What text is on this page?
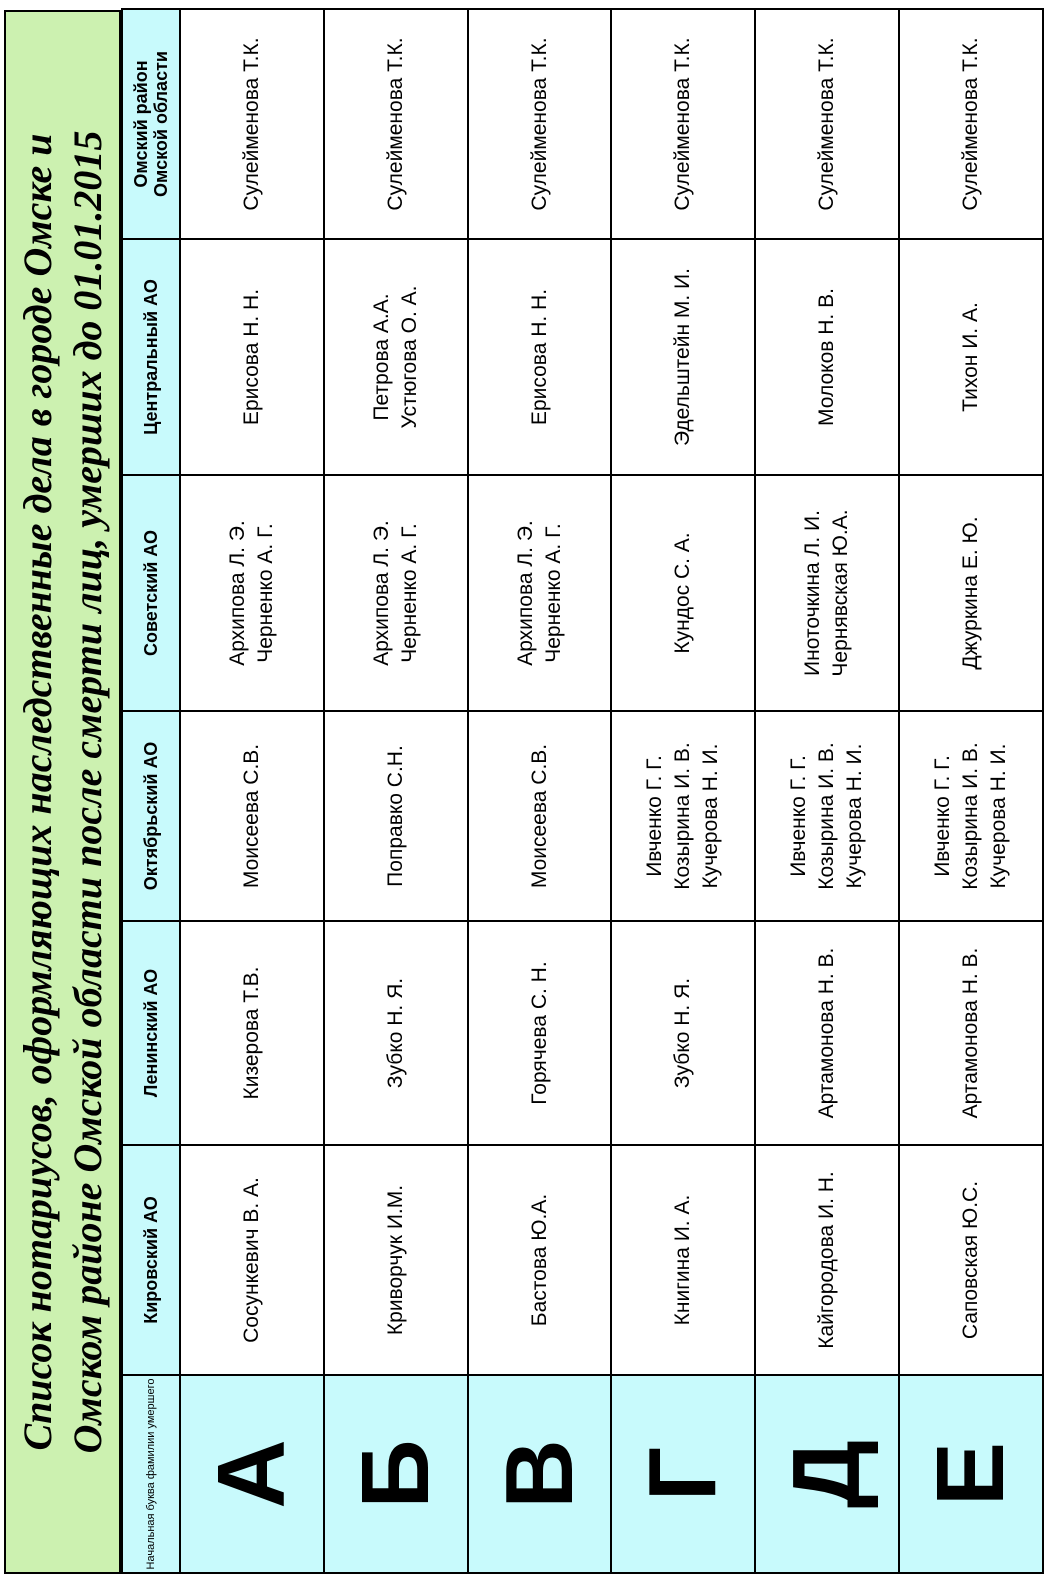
Список нотариусов, оформляющих наследственные дела в городе Омске и
Омском районе Омской области после смерти лиц, умерших до 01.01.2015
Начальная буква фамилии умершего	Кировский АО	Ленинский АО	Октябрьский АО	Советский АО	Центральный АО	Омский район
Омской области
А	Сосункевич В. А.	Кизерова Т.В.	Моисеева С.В.	Архипова Л. Э.
Черненко А. Г.	Ерисова Н. Н.	Сулейменова Т.К.
Б	Криворчук И.М.	Зубко Н. Я.	Поправко С.Н.	Архипова Л. Э.
Черненко А. Г.	Петрова А.А.
Устюгова О. А.	Сулейменова Т.К.
В	Бастова Ю.А.	Горячева С. Н.	Моисеева С.В.	Архипова Л. Э.
Черненко А. Г.	Ерисова Н. Н.	Сулейменова Т.К.
Г	Книгина И. А.	Зубко Н. Я.	Ивченко Г. Г.
Козырина И. В.
Кучерова Н. И.	Кундос С. А.	Эдельштейн М. И.	Сулейменова Т.К.
Д	Кайгородова И. Н.	Артамонова Н. В.	Ивченко Г. Г.
Козырина И. В.
Кучерова Н. И.	Иноточкина Л. И.
Чернявская Ю.А.	Молоков Н. В.	Сулейменова Т.К.
Е	Саповская Ю.С.	Артамонова Н. В.	Ивченко Г. Г.
Козырина И. В.
Кучерова Н. И.	Джуркина Е. Ю.	Тихон И. А.	Сулейменова Т.К.
